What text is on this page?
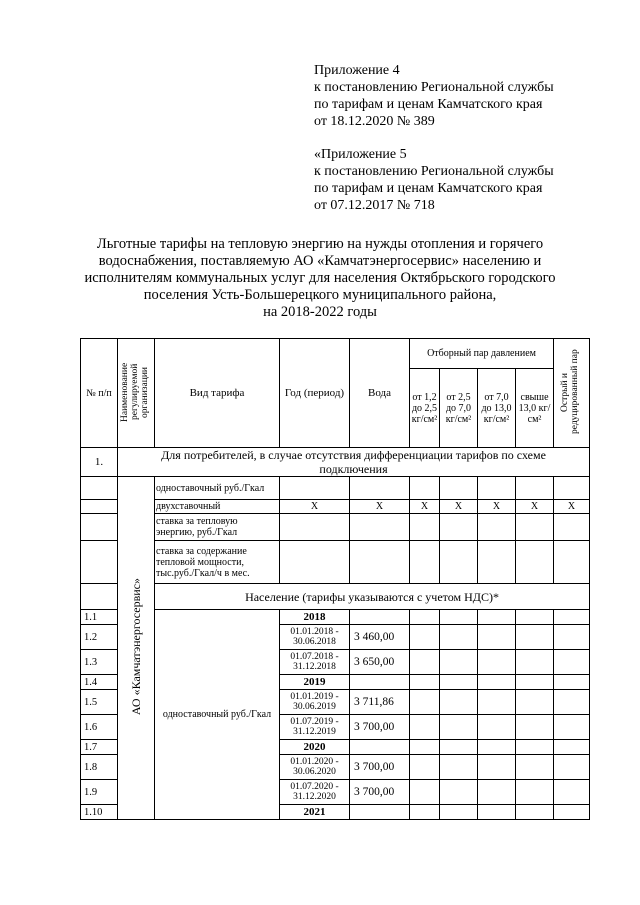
Приложение 4
к постановлению Региональной службы
по тарифам и ценам Камчатского края
от 18.12.2020 № 389
«Приложение 5
к постановлению Региональной службы
по тарифам и ценам Камчатского края
от 07.12.2017 № 718
Льготные тарифы на тепловую энергию на нужды отопления и горячего
водоснабжения, поставляемую АО «Камчатэнергосервис» населению и
исполнителям коммунальных услуг для населения Октябрьского городского
поселения Усть-Большерецкого муниципального района,
на 2018-2022 годы
№ п/п	Наименование регулируемой организации	Вид тарифа	Год (период)	Вода	Отборный пар давлением				Острый и редуцированный пар
					от 1,2 до 2,5 кг/см²	от 2,5 до 7,0 кг/см²	от 7,0 до 13,0 кг/см²	свыше 13,0 кг/см²	
1.	Для потребителей, в случае отсутствия дифференциации тарифов по схеме подключения								
	АО «Камчатэнергосервис»	одноставочный руб./Гкал							
		двухставочный	X	X	X	X	X	X	X
		ставка за тепловую энергию, руб./Гкал							
		ставка за содержание тепловой мощности, тыс.руб./Гкал/ч в мес.							
		Население (тарифы указываются с учетом НДС)*							
1.1		одноставочный руб./Гкал	2018						
1.2			01.01.2018 - 30.06.2018	3 460,00					
1.3			01.07.2018 - 31.12.2018	3 650,00					
1.4			2019						
1.5			01.01.2019 - 30.06.2019	3 711,86					
1.6			01.07.2019 - 31.12.2019	3 700,00					
1.7			2020						
1.8			01.01.2020 - 30.06.2020	3 700,00					
1.9			01.07.2020 - 31.12.2020	3 700,00					
1.10			2021						
